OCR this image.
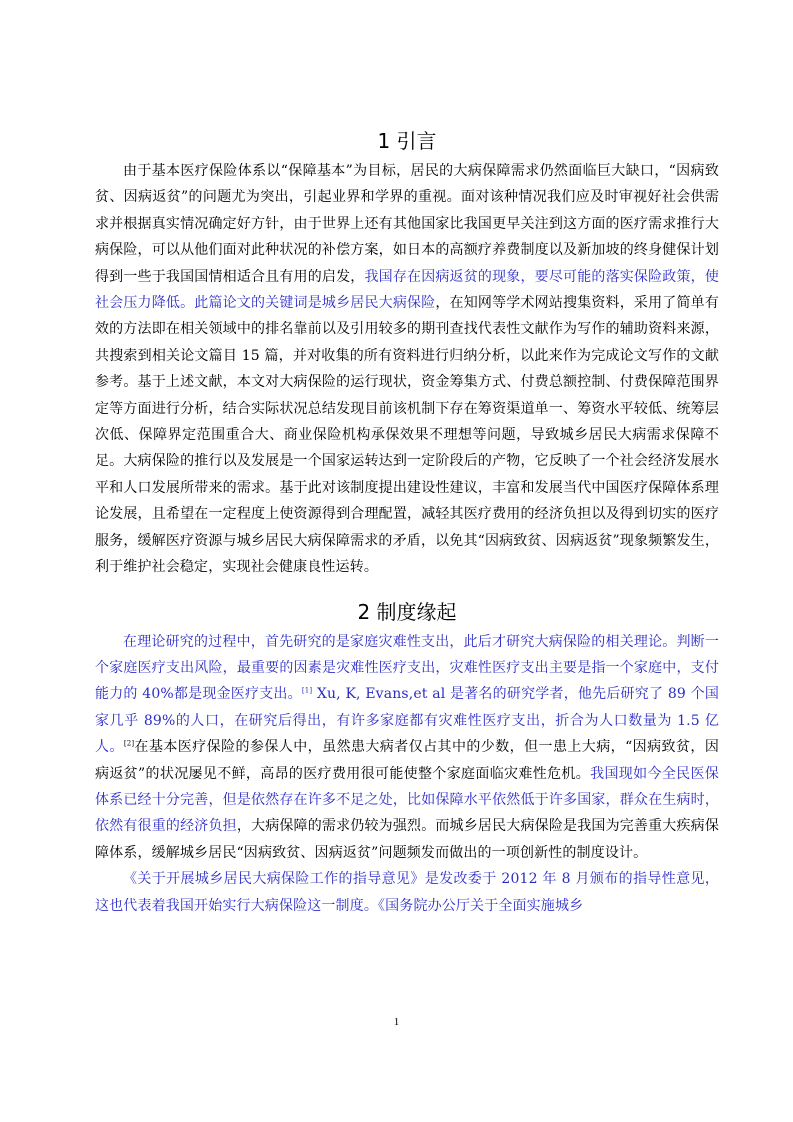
1 引言

由于基本医疗保险体系以“保障基本”为目标，居民的大病保障需求仍然面临巨大缺口，“因病致贫、因病返贫”的问题尤为突出，引起业界和学界的重视。面对该种情况我们应及时审视好社会供需求并根据真实情况确定好方针，由于世界上还有其他国家比我国更早关注到这方面的医疗需求推行大病保险，可以从他们面对此种状况的补偿方案，如日本的高额疗养费制度以及新加坡的终身健保计划得到一些于我国国情相适合且有用的启发，我国存在因病返贫的现象，要尽可能的落实保险政策，使社会压力降低。此篇论文的关键词是城乡居民大病保险，在知网等学术网站搜集资料，采用了简单有效的方法即在相关领域中的排名靠前以及引用较多的期刊查找代表性文献作为写作的辅助资料来源，共搜索到相关论文篇目 15 篇，并对收集的所有资料进行归纳分析，以此来作为完成论文写作的文献参考。基于上述文献，本文对大病保险的运行现状，资金筹集方式、付费总额控制、付费保障范围界定等方面进行分析，结合实际状况总结发现目前该机制下存在筹资渠道单一、筹资水平较低、统筹层次低、保障界定范围重合大、商业保险机构承保效果不理想等问题，导致城乡居民大病需求保障不足。大病保险的推行以及发展是一个国家运转达到一定阶段后的产物，它反映了一个社会经济发展水平和人口发展所带来的需求。基于此对该制度提出建设性建议，丰富和发展当代中国医疗保障体系理论发展，且希望在一定程度上使资源得到合理配置，减轻其医疗费用的经济负担以及得到切实的医疗服务，缓解医疗资源与城乡居民大病保障需求的矛盾，以免其“因病致贫、因病返贫”现象频繁发生，利于维护社会稳定，实现社会健康良性运转。

2 制度缘起

在理论研究的过程中，首先研究的是家庭灾难性支出，此后才研究大病保险的相关理论。判断一个家庭医疗支出风险，最重要的因素是灾难性医疗支出，灾难性医疗支出主要是指一个家庭中，支付能力的 40%都是现金医疗支出。[1] Xu, K, Evans,et al 是著名的研究学者，他先后研究了 89 个国家几乎 89%的人口，在研究后得出，有许多家庭都有灾难性医疗支出，折合为人口数量为 1.5 亿人。[2]在基本医疗保险的参保人中，虽然患大病者仅占其中的少数，但一患上大病，“因病致贫，因病返贫”的状况屡见不鲜，高昂的医疗费用很可能使整个家庭面临灾难性危机。我国现如今全民医保体系已经十分完善，但是依然存在许多不足之处，比如保障水平依然低于许多国家，群众在生病时，依然有很重的经济负担，大病保障的需求仍较为强烈。而城乡居民大病保险是我国为完善重大疾病保障体系，缓解城乡居民“因病致贫、因病返贫”问题频发而做出的一项创新性的制度设计。

《关于开展城乡居民大病保险工作的指导意见》是发改委于 2012 年 8 月颁布的指导性意见，这也代表着我国开始实行大病保险这一制度。《国务院办公厅关于全面实施城乡

1
